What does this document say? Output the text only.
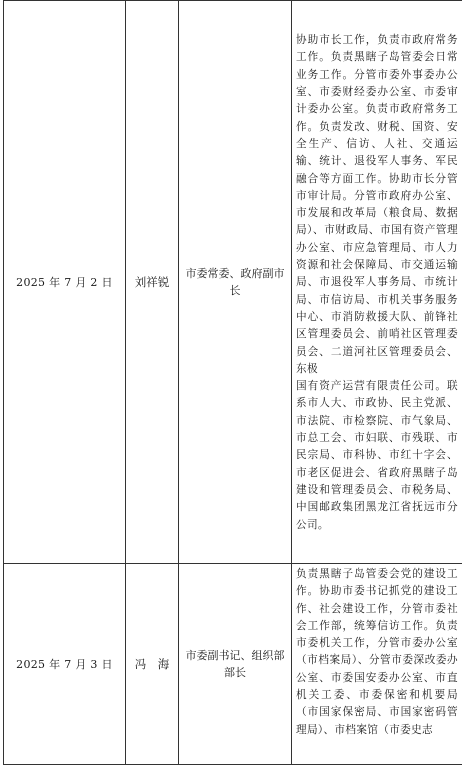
2025 年 7 月 2 日	刘祥锐	市委常委、政府副市长	协助市长工作，负责市政府常务工作。负责黑瞎子岛管委会日常业务工作。分管市委外事委办公室、市委财经委办公室、市委审计委办公室。负责市政府常务工作。负责发改、财税、国资、安全生产、信访、人社、交通运输、统计、退役军人事务、军民融合等方面工作。协助市长分管市审计局。分管市政府办公室、市发展和改革局（粮食局、数据局）、市财政局、市国有资产管理办公室、市应急管理局、市人力资源和社会保障局、市交通运输局、市退役军人事务局、市统计局、市信访局、市机关事务服务中心、市消防救援大队、前锋社区管理委员会、前哨社区管理委员会、二道河社区管理委员会、东极

国有资产运营有限责任公司。联系市人大、市政协、民主党派、市法院、市检察院、市气象局、市总工会、市妇联、市残联、市民宗局、市科协、市红十字会、市老区促进会、省政府黑瞎子岛建设和管理委员会、市税务局、中国邮政集团黑龙江省抚远市分公司。

2025 年 7 月 3 日	冯　海	市委副书记、组织部部长	负责黑瞎子岛管委会党的建设工作。协助市委书记抓党的建设工作、社会建设工作，分管市委社会工作部，统筹信访工作。负责市委机关工作，分管市委办公室（市档案局）、分管市委深改委办公室、市委国安委办公室、市直机关工委、市委保密和机要局（市国家保密局、市国家密码管理局）、市档案馆（市委史志
